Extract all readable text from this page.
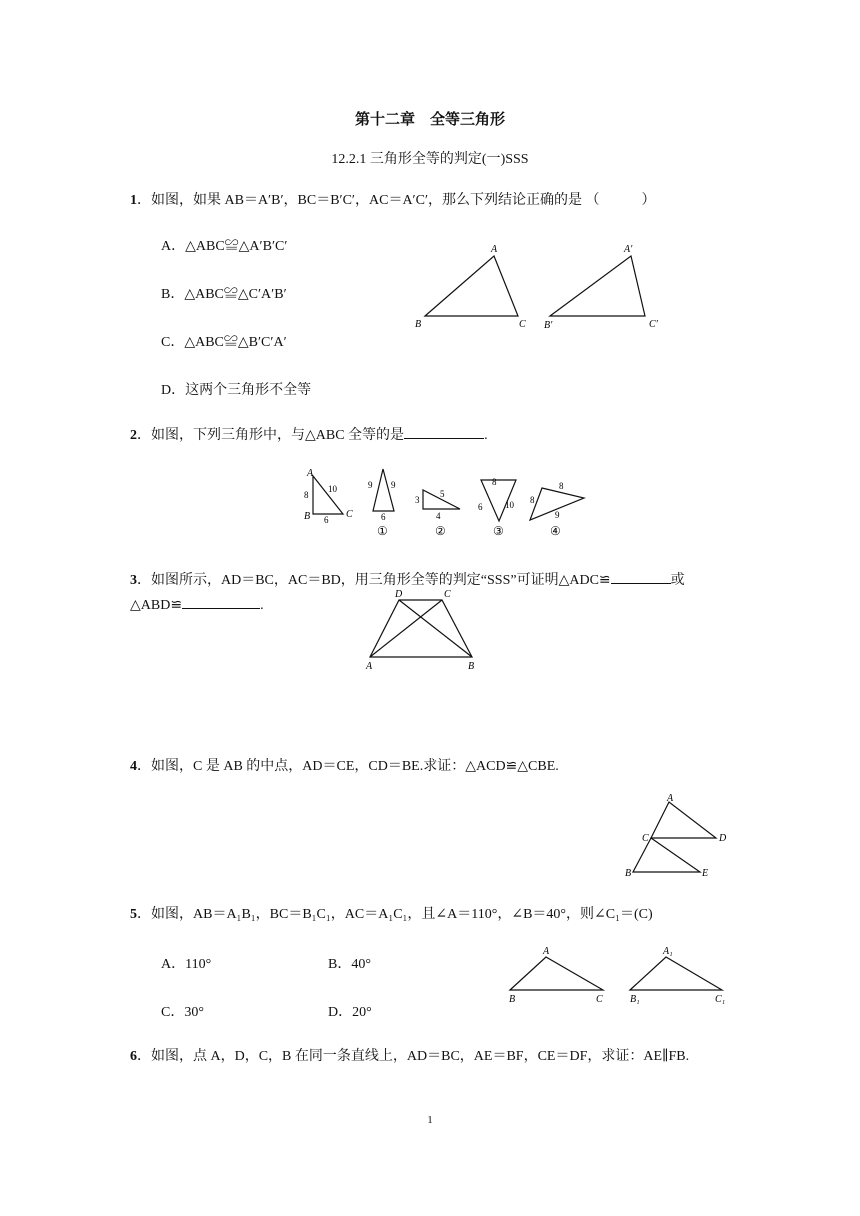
第十二章　全等三角形
12.2.1 三角形全等的判定(一)SSS
1．如图，如果 AB＝A′B′，BC＝B′C′，AC＝A′C′，那么下列结论正确的是 （　　　）
A．△ABC≌△A′B′C′
B．△ABC≌△C′A′B′
C．△ABC≌△B′C′A′
D．这两个三角形不全等
A
B	C
A′
B′	C′
2．如图，下列三角形中，与△ABC 全等的是	.
A
B	C
10
8
6
9 9
6
①
5
3
4
②
8
6	10
③
8
8
9
④
3．如图所示，AD＝BC，AC＝BD，用三角形全等的判定“SSS”可证明△ADC≌	或
△ABD≌	.
D	C
A	B
4．如图，C 是 AB 的中点，AD＝CE，CD＝BE.求证：△ACD≌△CBE.
A
C	D
B	E
5．如图，AB＝A₁B₁，BC＝B₁C₁，AC＝A₁C₁，且∠A＝110°，∠B＝40°，则∠C₁＝(C)
A．110°	B．40°
C．30°	D．20°
A
B	C
A₁
B₁	C₁
6．如图，点 A，D，C，B 在同一条直线上，AD＝BC，AE＝BF，CE＝DF，求证：AE∥FB.
1
